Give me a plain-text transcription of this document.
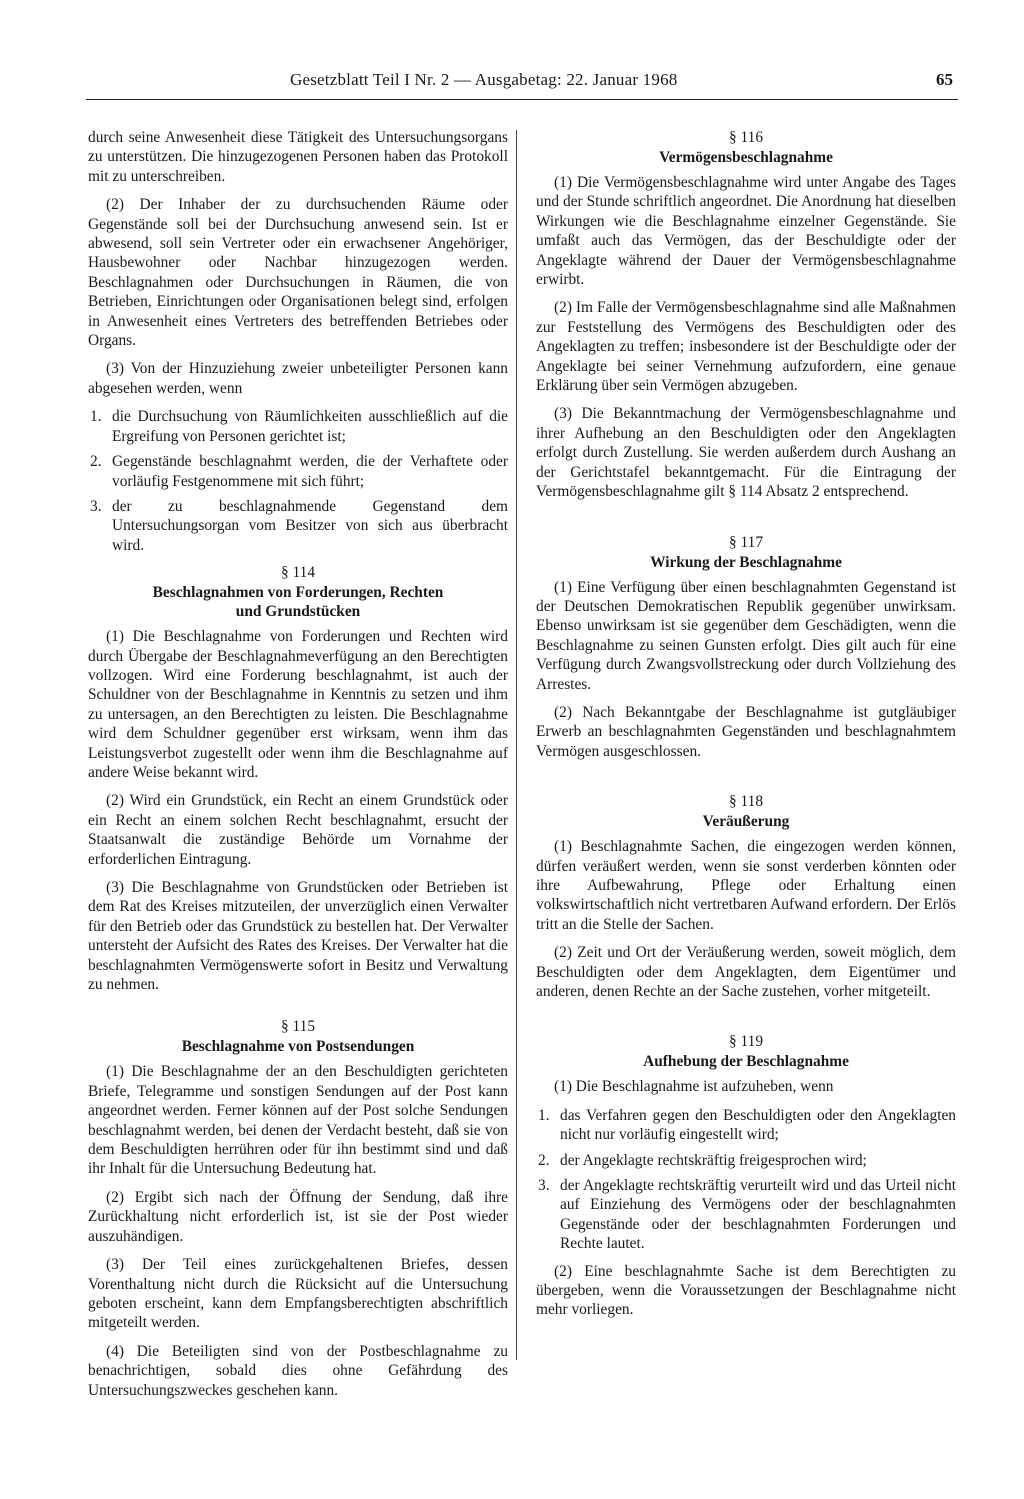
Gesetzblatt Teil I Nr. 2 — Ausgabetag: 22. Januar 1968	65

durch seine Anwesenheit diese Tätigkeit des Untersuchungsorgans zu unterstützen. Die hinzugezogenen Personen haben das Protokoll mit zu unterschreiben.

(2) Der Inhaber der zu durchsuchenden Räume oder Gegenstände soll bei der Durchsuchung anwesend sein. Ist er abwesend, soll sein Vertreter oder ein erwachsener Angehöriger, Hausbewohner oder Nachbar hinzugezogen werden. Beschlagnahmen oder Durchsuchungen in Räumen, die von Betrieben, Einrichtungen oder Organisationen belegt sind, erfolgen in Anwesenheit eines Vertreters des betreffenden Betriebes oder Organs.

(3) Von der Hinzuziehung zweier unbeteiligter Personen kann abgesehen werden, wenn

1. die Durchsuchung von Räumlichkeiten ausschließlich auf die Ergreifung von Personen gerichtet ist;
2. Gegenstände beschlagnahmt werden, die der Verhaftete oder vorläufig Festgenommene mit sich führt;
3. der zu beschlagnahmende Gegenstand dem Untersuchungsorgan vom Besitzer von sich aus überbracht wird.
§ 114
Beschlagnahmen von Forderungen, Rechten
und Grundstücken

(1) Die Beschlagnahme von Forderungen und Rechten wird durch Übergabe der Beschlagnahmeverfügung an den Berechtigten vollzogen. Wird eine Forderung beschlagnahmt, ist auch der Schuldner von der Beschlagnahme in Kenntnis zu setzen und ihm zu untersagen, an den Berechtigten zu leisten. Die Beschlagnahme wird dem Schuldner gegenüber erst wirksam, wenn ihm das Leistungsverbot zugestellt oder wenn ihm die Beschlagnahme auf andere Weise bekannt wird.

(2) Wird ein Grundstück, ein Recht an einem Grundstück oder ein Recht an einem solchen Recht beschlagnahmt, ersucht der Staatsanwalt die zuständige Behörde um Vornahme der erforderlichen Eintragung.

(3) Die Beschlagnahme von Grundstücken oder Betrieben ist dem Rat des Kreises mitzuteilen, der unverzüglich einen Verwalter für den Betrieb oder das Grundstück zu bestellen hat. Der Verwalter untersteht der Aufsicht des Rates des Kreises. Der Verwalter hat die beschlagnahmten Vermögenswerte sofort in Besitz und Verwaltung zu nehmen.

§ 115
Beschlagnahme von Postsendungen

(1) Die Beschlagnahme der an den Beschuldigten gerichteten Briefe, Telegramme und sonstigen Sendungen auf der Post kann angeordnet werden. Ferner können auf der Post solche Sendungen beschlagnahmt werden, bei denen der Verdacht besteht, daß sie von dem Beschuldigten herrühren oder für ihn bestimmt sind und daß ihr Inhalt für die Untersuchung Bedeutung hat.

(2) Ergibt sich nach der Öffnung der Sendung, daß ihre Zurückhaltung nicht erforderlich ist, ist sie der Post wieder auszuhändigen.

(3) Der Teil eines zurückgehaltenen Briefes, dessen Vorenthaltung nicht durch die Rücksicht auf die Untersuchung geboten erscheint, kann dem Empfangsberechtigten abschriftlich mitgeteilt werden.

(4) Die Beteiligten sind von der Postbeschlagnahme zu benachrichtigen, sobald dies ohne Gefährdung des Untersuchungszweckes geschehen kann.

§ 116
Vermögensbeschlagnahme

(1) Die Vermögensbeschlagnahme wird unter Angabe des Tages und der Stunde schriftlich angeordnet. Die Anordnung hat dieselben Wirkungen wie die Beschlagnahme einzelner Gegenstände. Sie umfaßt auch das Vermögen, das der Beschuldigte oder der Angeklagte während der Dauer der Vermögensbeschlagnahme erwirbt.

(2) Im Falle der Vermögensbeschlagnahme sind alle Maßnahmen zur Feststellung des Vermögens des Beschuldigten oder des Angeklagten zu treffen; insbesondere ist der Beschuldigte oder der Angeklagte bei seiner Vernehmung aufzufordern, eine genaue Erklärung über sein Vermögen abzugeben.

(3) Die Bekanntmachung der Vermögensbeschlagnahme und ihrer Aufhebung an den Beschuldigten oder den Angeklagten erfolgt durch Zustellung. Sie werden außerdem durch Aushang an der Gerichtstafel bekanntgemacht. Für die Eintragung der Vermögensbeschlagnahme gilt § 114 Absatz 2 entsprechend.

§ 117
Wirkung der Beschlagnahme

(1) Eine Verfügung über einen beschlagnahmten Gegenstand ist der Deutschen Demokratischen Republik gegenüber unwirksam. Ebenso unwirksam ist sie gegenüber dem Geschädigten, wenn die Beschlagnahme zu seinen Gunsten erfolgt. Dies gilt auch für eine Verfügung durch Zwangsvollstreckung oder durch Vollziehung des Arrestes.

(2) Nach Bekanntgabe der Beschlagnahme ist gutgläubiger Erwerb an beschlagnahmten Gegenständen und beschlagnahmtem Vermögen ausgeschlossen.

§ 118
Veräußerung

(1) Beschlagnahmte Sachen, die eingezogen werden können, dürfen veräußert werden, wenn sie sonst verderben könnten oder ihre Aufbewahrung, Pflege oder Erhaltung einen volkswirtschaftlich nicht vertretbaren Aufwand erfordern. Der Erlös tritt an die Stelle der Sachen.

(2) Zeit und Ort der Veräußerung werden, soweit möglich, dem Beschuldigten oder dem Angeklagten, dem Eigentümer und anderen, denen Rechte an der Sache zustehen, vorher mitgeteilt.

§ 119
Aufhebung der Beschlagnahme

(1) Die Beschlagnahme ist aufzuheben, wenn

1. das Verfahren gegen den Beschuldigten oder den Angeklagten nicht nur vorläufig eingestellt wird;
2. der Angeklagte rechtskräftig freigesprochen wird;
3. der Angeklagte rechtskräftig verurteilt wird und das Urteil nicht auf Einziehung des Vermögens oder der beschlagnahmten Gegenstände oder der beschlagnahmten Forderungen und Rechte lautet.

(2) Eine beschlagnahmte Sache ist dem Berechtigten zu übergeben, wenn die Voraussetzungen der Beschlagnahme nicht mehr vorliegen.
